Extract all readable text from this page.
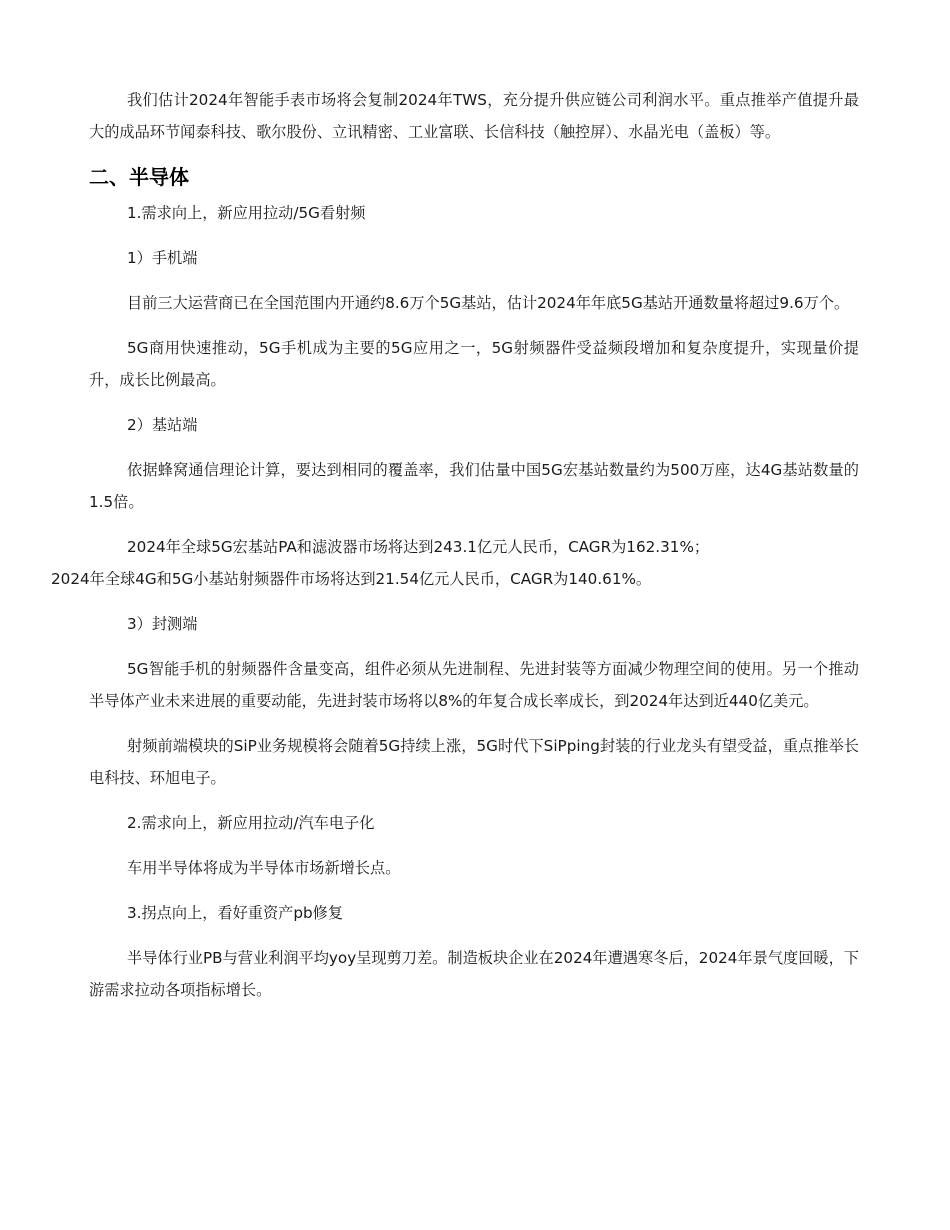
我们估计2024年智能手表市场将会复制2024年TWS，充分提升供应链公司利润水平。重点推举产值提升最大的成品环节闻泰科技、歌尔股份、立讯精密、工业富联、长信科技（触控屏）、水晶光电（盖板）等。

二、半导体

1.需求向上，新应用拉动/5G看射频

1）手机端

目前三大运营商已在全国范围内开通约8.6万个5G基站，估计2024年年底5G基站开通数量将超过9.6万个。

5G商用快速推动，5G手机成为主要的5G应用之一，5G射频器件受益频段增加和复杂度提升，实现量价提升，成长比例最高。

2）基站端

依据蜂窝通信理论计算，要达到相同的覆盖率，我们估量中国5G宏基站数量约为500万座，达4G基站数量的1.5倍。

2024年全球5G宏基站PA和滤波器市场将达到243.1亿元人民币，CAGR为162.31%；

2024年全球4G和5G小基站射频器件市场将达到21.54亿元人民币，CAGR为140.61%。

3）封测端

5G智能手机的射频器件含量变高，组件必须从先进制程、先进封装等方面减少物理空间的使用。另一个推动半导体产业未来进展的重要动能，先进封装市场将以8%的年复合成长率成长，到2024年达到近440亿美元。

射频前端模块的SiP业务规模将会随着5G持续上涨，5G时代下SiPping封装的行业龙头有望受益，重点推举长电科技、环旭电子。

2.需求向上，新应用拉动/汽车电子化

车用半导体将成为半导体市场新增长点。

3.拐点向上，看好重资产pb修复

半导体行业PB与营业利润平均yoy呈现剪刀差。制造板块企业在2024年遭遇寒冬后，2024年景气度回暖，下游需求拉动各项指标增长。
